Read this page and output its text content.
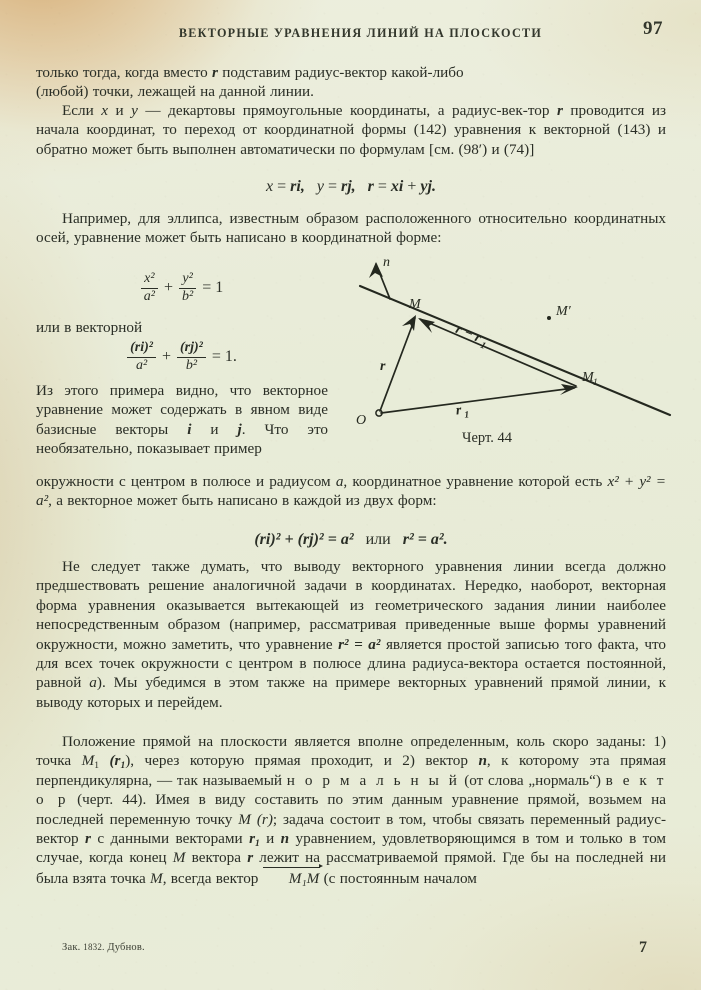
ВЕКТОРНЫЕ УРАВНЕНИЯ ЛИНИЙ НА ПЛОСКОСТИ	97

только тогда, когда вместо r подставим радиус-вектор какой-либо
(любой) точки, лежащей на данной линии.

Если x и y — декартовы прямоугольные координаты, а радиус-век-тор r проводится из начала координат, то переход от координатной формы (142) уравнения к векторной (143) и обратно может быть выполнен автоматически по формулам [см. (98′) и (74)]

x = ri, y = rj, r = xi + yj.

Например, для эллипса, известным образом расположенного относительно координатных осей, уравнение может быть написано в координатной форме:

$\frac{\text{x²}}{\text{a²}} + \frac{\text{y²}}{\text{b²}} = 1$

или в векторной

$\frac{\text{(ri)²}}{\text{a²}} + \frac{\text{(rj)²}}{\text{b²}} = 1$.

Из этого примера видно, что векторное уравнение может содержать в явном виде базисные векторы i и j. Что это необязательно, показывает пример

O
n
M	M′
r
M 1
r 1
r − r
1
Черт. 44

окружности с центром в полюсе и радиусом a, координатное уравнение которой есть x² + y² = a², а векторное может быть написано в каждой из двух форм:

(ri)² + (rj)² = a² или r² = a².

Не следует также думать, что выводу векторного уравнения линии всегда должно предшествовать решение аналогичной задачи в координатах. Нередко, наоборот, векторная форма уравнения оказывается вытекающей из геометрического задания линии наиболее непосредственным образом (например, рассматривая приведенные выше формы уравнений окружности, можно заметить, что уравнение r² = a² является простой записью того факта, что для всех точек окружности с центром в полюсе длина радиуса-вектора остается постоянной, равной a). Мы убедимся в этом также на примере векторных уравнений прямой линии, к выводу которых и перейдем.

Положение прямой на плоскости является вполне определенным, коль скоро заданы: 1) точка $M_1$ $(r_1)$, через которую прямая проходит, и 2) вектор n, к которому эта прямая перпендикулярна, — так называемый н о р м а л ь н ы й (от слова „нормаль“) в е к т о р (черт. 44). Имея в виду составить по этим данным уравнение прямой, возьмем на последней переменную точку M (r); задача состоит в том, чтобы связать переменный радиус-вектор r с данными векторами $r_1$ и n уравнением, удовлетворяющимся в том и только в том случае, когда конец M вектора r лежит на рассматриваемой прямой. Где бы на последней ни была взята точка M, всегда вектор M₁M
(с постоянным началом

Зак. 1832. Дубнов.	7
